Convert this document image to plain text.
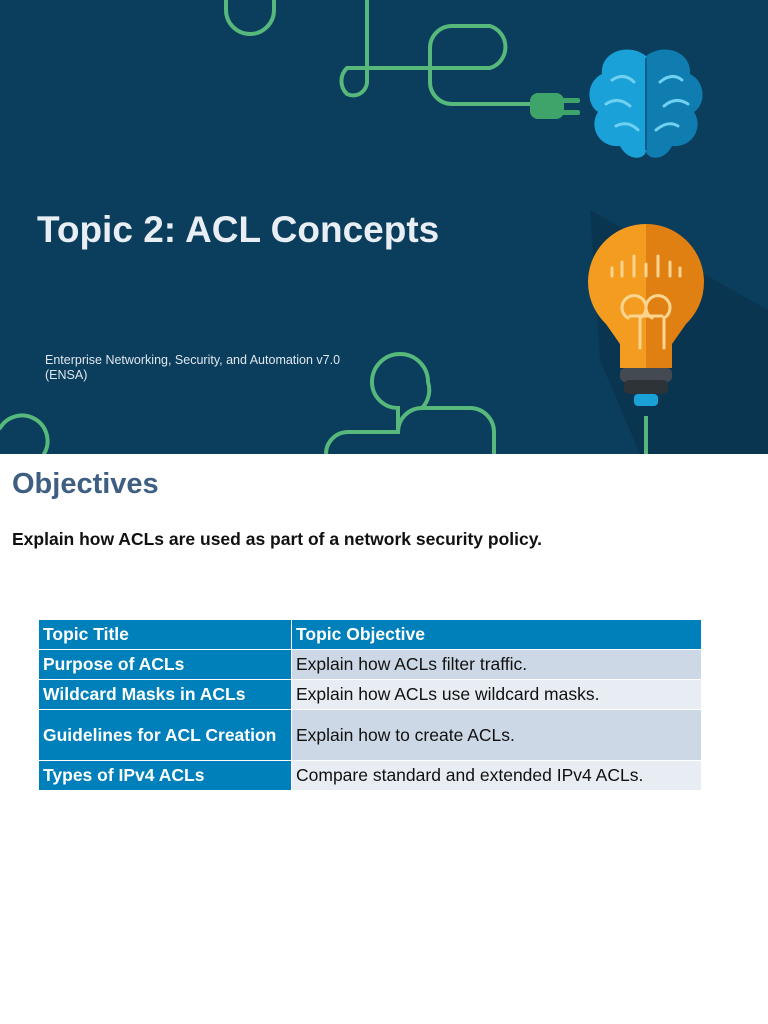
Topic 2: ACL Concepts
Enterprise Networking, Security, and Automation v7.0 (ENSA)
Objectives

Explain how ACLs are used as part of a network security policy.

Topic Title	Topic Objective
Purpose of ACLs	Explain how ACLs filter traffic.
Wildcard Masks in ACLs	Explain how ACLs use wildcard masks.
Guidelines for ACL Creation	Explain how to create ACLs.
Types of IPv4 ACLs	Compare standard and extended IPv4 ACLs.
